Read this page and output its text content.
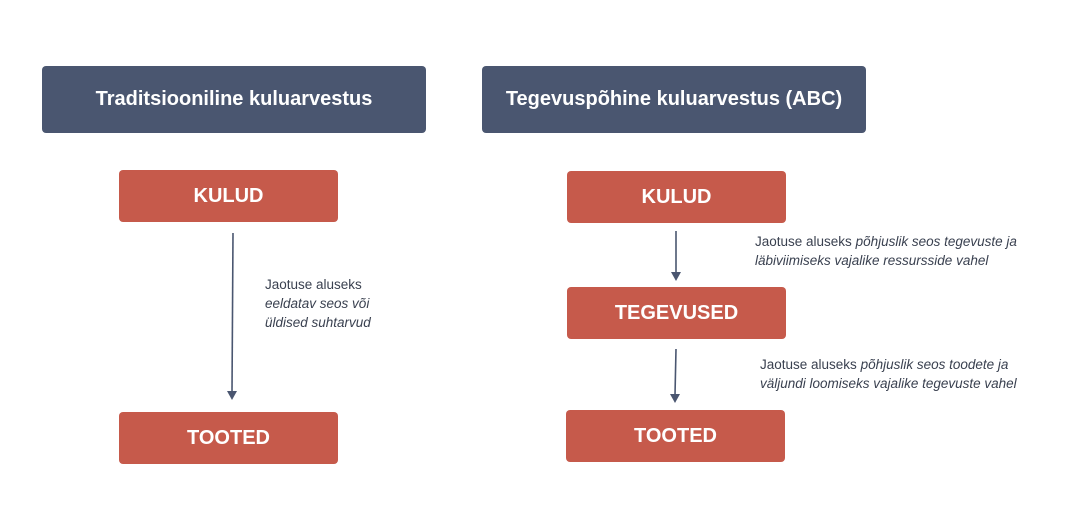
Traditsiooniline kuluarvestus
KULUD
TOOTED
Jaotuse aluseks
eeldatav seos või
üldised suhtarvud
Tegevuspõhine kuluarvestus (ABC)
KULUD
TEGEVUSED
TOOTED
Jaotuse aluseks põhjuslik seos tegevuste ja
läbiviimiseks vajalike ressursside vahel
Jaotuse aluseks põhjuslik seos toodete ja
väljundi loomiseks vajalike tegevuste vahel
